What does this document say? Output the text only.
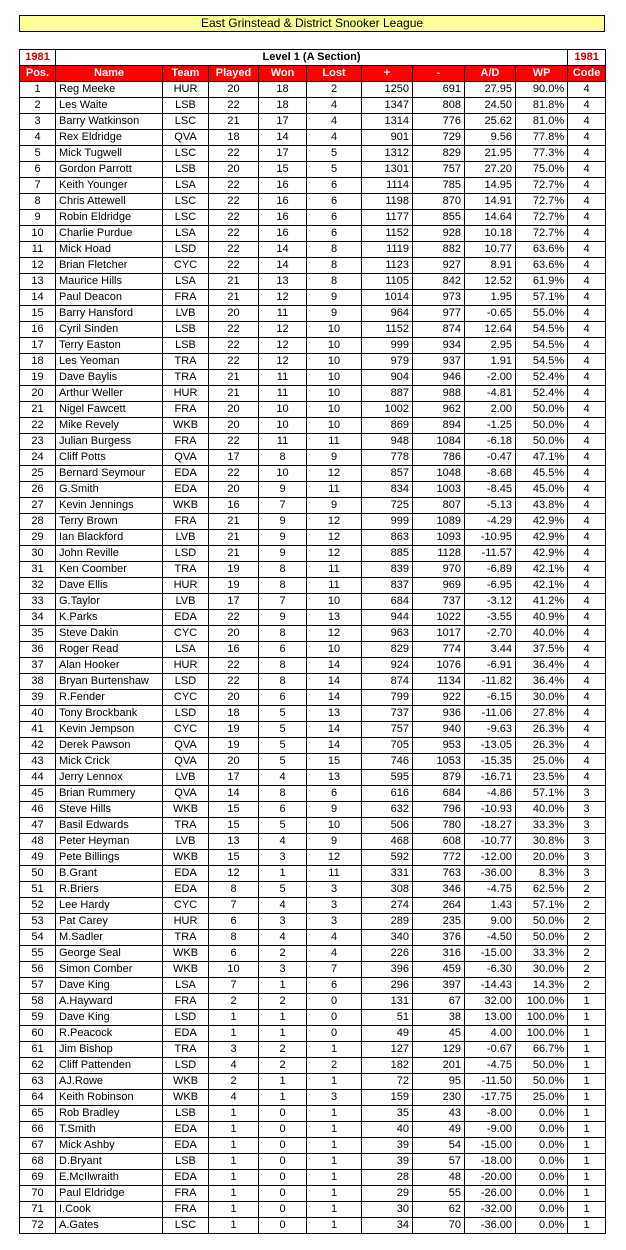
East Grinstead & District Snooker League
1981	Level 1 (A Section)									1981
Pos.	Name	Team	Played	Won	Lost	+	-	A/D	WP	Code
1	Reg Meeke	HUR	20	18	2	1250	691	27.95	90.0%	4
2	Les Waite	LSB	22	18	4	1347	808	24.50	81.8%	4
3	Barry Watkinson	LSC	21	17	4	1314	776	25.62	81.0%	4
4	Rex Eldridge	QVA	18	14	4	901	729	9.56	77.8%	4
5	Mick Tugwell	LSC	22	17	5	1312	829	21.95	77.3%	4
6	Gordon Parrott	LSB	20	15	5	1301	757	27.20	75.0%	4
7	Keith Younger	LSA	22	16	6	1114	785	14.95	72.7%	4
8	Chris Attewell	LSC	22	16	6	1198	870	14.91	72.7%	4
9	Robin Eldridge	LSC	22	16	6	1177	855	14.64	72.7%	4
10	Charlie Purdue	LSA	22	16	6	1152	928	10.18	72.7%	4
11	Mick Hoad	LSD	22	14	8	1119	882	10.77	63.6%	4
12	Brian Fletcher	CYC	22	14	8	1123	927	8.91	63.6%	4
13	Maurice Hills	LSA	21	13	8	1105	842	12.52	61.9%	4
14	Paul Deacon	FRA	21	12	9	1014	973	1.95	57.1%	4
15	Barry Hansford	LVB	20	11	9	964	977	-0.65	55.0%	4
16	Cyril Sinden	LSB	22	12	10	1152	874	12.64	54.5%	4
17	Terry Easton	LSB	22	12	10	999	934	2.95	54.5%	4
18	Les Yeoman	TRA	22	12	10	979	937	1.91	54.5%	4
19	Dave Baylis	TRA	21	11	10	904	946	-2.00	52.4%	4
20	Arthur Weller	HUR	21	11	10	887	988	-4.81	52.4%	4
21	Nigel Fawcett	FRA	20	10	10	1002	962	2.00	50.0%	4
22	Mike Revely	WKB	20	10	10	869	894	-1.25	50.0%	4
23	Julian Burgess	FRA	22	11	11	948	1084	-6.18	50.0%	4
24	Cliff Potts	QVA	17	8	9	778	786	-0.47	47.1%	4
25	Bernard Seymour	EDA	22	10	12	857	1048	-8.68	45.5%	4
26	G.Smith	EDA	20	9	11	834	1003	-8.45	45.0%	4
27	Kevin Jennings	WKB	16	7	9	725	807	-5.13	43.8%	4
28	Terry Brown	FRA	21	9	12	999	1089	-4.29	42.9%	4
29	Ian Blackford	LVB	21	9	12	863	1093	-10.95	42.9%	4
30	John Reville	LSD	21	9	12	885	1128	-11.57	42.9%	4
31	Ken Coomber	TRA	19	8	11	839	970	-6.89	42.1%	4
32	Dave Ellis	HUR	19	8	11	837	969	-6.95	42.1%	4
33	G.Taylor	LVB	17	7	10	684	737	-3.12	41.2%	4
34	K.Parks	EDA	22	9	13	944	1022	-3.55	40.9%	4
35	Steve Dakin	CYC	20	8	12	963	1017	-2.70	40.0%	4
36	Roger Read	LSA	16	6	10	829	774	3.44	37.5%	4
37	Alan Hooker	HUR	22	8	14	924	1076	-6.91	36.4%	4
38	Bryan Burtenshaw	LSD	22	8	14	874	1134	-11.82	36.4%	4
39	R.Fender	CYC	20	6	14	799	922	-6.15	30.0%	4
40	Tony Brockbank	LSD	18	5	13	737	936	-11.06	27.8%	4
41	Kevin Jempson	CYC	19	5	14	757	940	-9.63	26.3%	4
42	Derek Pawson	QVA	19	5	14	705	953	-13.05	26.3%	4
43	Mick Crick	QVA	20	5	15	746	1053	-15.35	25.0%	4
44	Jerry Lennox	LVB	17	4	13	595	879	-16.71	23.5%	4
45	Brian Rummery	QVA	14	8	6	616	684	-4.86	57.1%	3
46	Steve Hills	WKB	15	6	9	632	796	-10.93	40.0%	3
47	Basil Edwards	TRA	15	5	10	506	780	-18.27	33.3%	3
48	Peter Heyman	LVB	13	4	9	468	608	-10.77	30.8%	3
49	Pete Billings	WKB	15	3	12	592	772	-12.00	20.0%	3
50	B.Grant	EDA	12	1	11	331	763	-36.00	8.3%	3
51	R.Briers	EDA	8	5	3	308	346	-4.75	62.5%	2
52	Lee Hardy	CYC	7	4	3	274	264	1.43	57.1%	2
53	Pat Carey	HUR	6	3	3	289	235	9.00	50.0%	2
54	M.Sadler	TRA	8	4	4	340	376	-4.50	50.0%	2
55	George Seal	WKB	6	2	4	226	316	-15.00	33.3%	2
56	Simon Comber	WKB	10	3	7	396	459	-6.30	30.0%	2
57	Dave King	LSA	7	1	6	296	397	-14.43	14.3%	2
58	A.Hayward	FRA	2	2	0	131	67	32.00	100.0%	1
59	Dave King	LSD	1	1	0	51	38	13.00	100.0%	1
60	R.Peacock	EDA	1	1	0	49	45	4.00	100.0%	1
61	Jim Bishop	TRA	3	2	1	127	129	-0.67	66.7%	1
62	Cliff Pattenden	LSD	4	2	2	182	201	-4.75	50.0%	1
63	AJ.Rowe	WKB	2	1	1	72	95	-11.50	50.0%	1
64	Keith Robinson	WKB	4	1	3	159	230	-17.75	25.0%	1
65	Rob Bradley	LSB	1	0	1	35	43	-8.00	0.0%	1
66	T.Smith	EDA	1	0	1	40	49	-9.00	0.0%	1
67	Mick Ashby	EDA	1	0	1	39	54	-15.00	0.0%	1
68	D.Bryant	LSB	1	0	1	39	57	-18.00	0.0%	1
69	E.McIlwraith	EDA	1	0	1	28	48	-20.00	0.0%	1
70	Paul Eldridge	FRA	1	0	1	29	55	-26.00	0.0%	1
71	I.Cook	FRA	1	0	1	30	62	-32.00	0.0%	1
72	A.Gates	LSC	1	0	1	34	70	-36.00	0.0%	1
